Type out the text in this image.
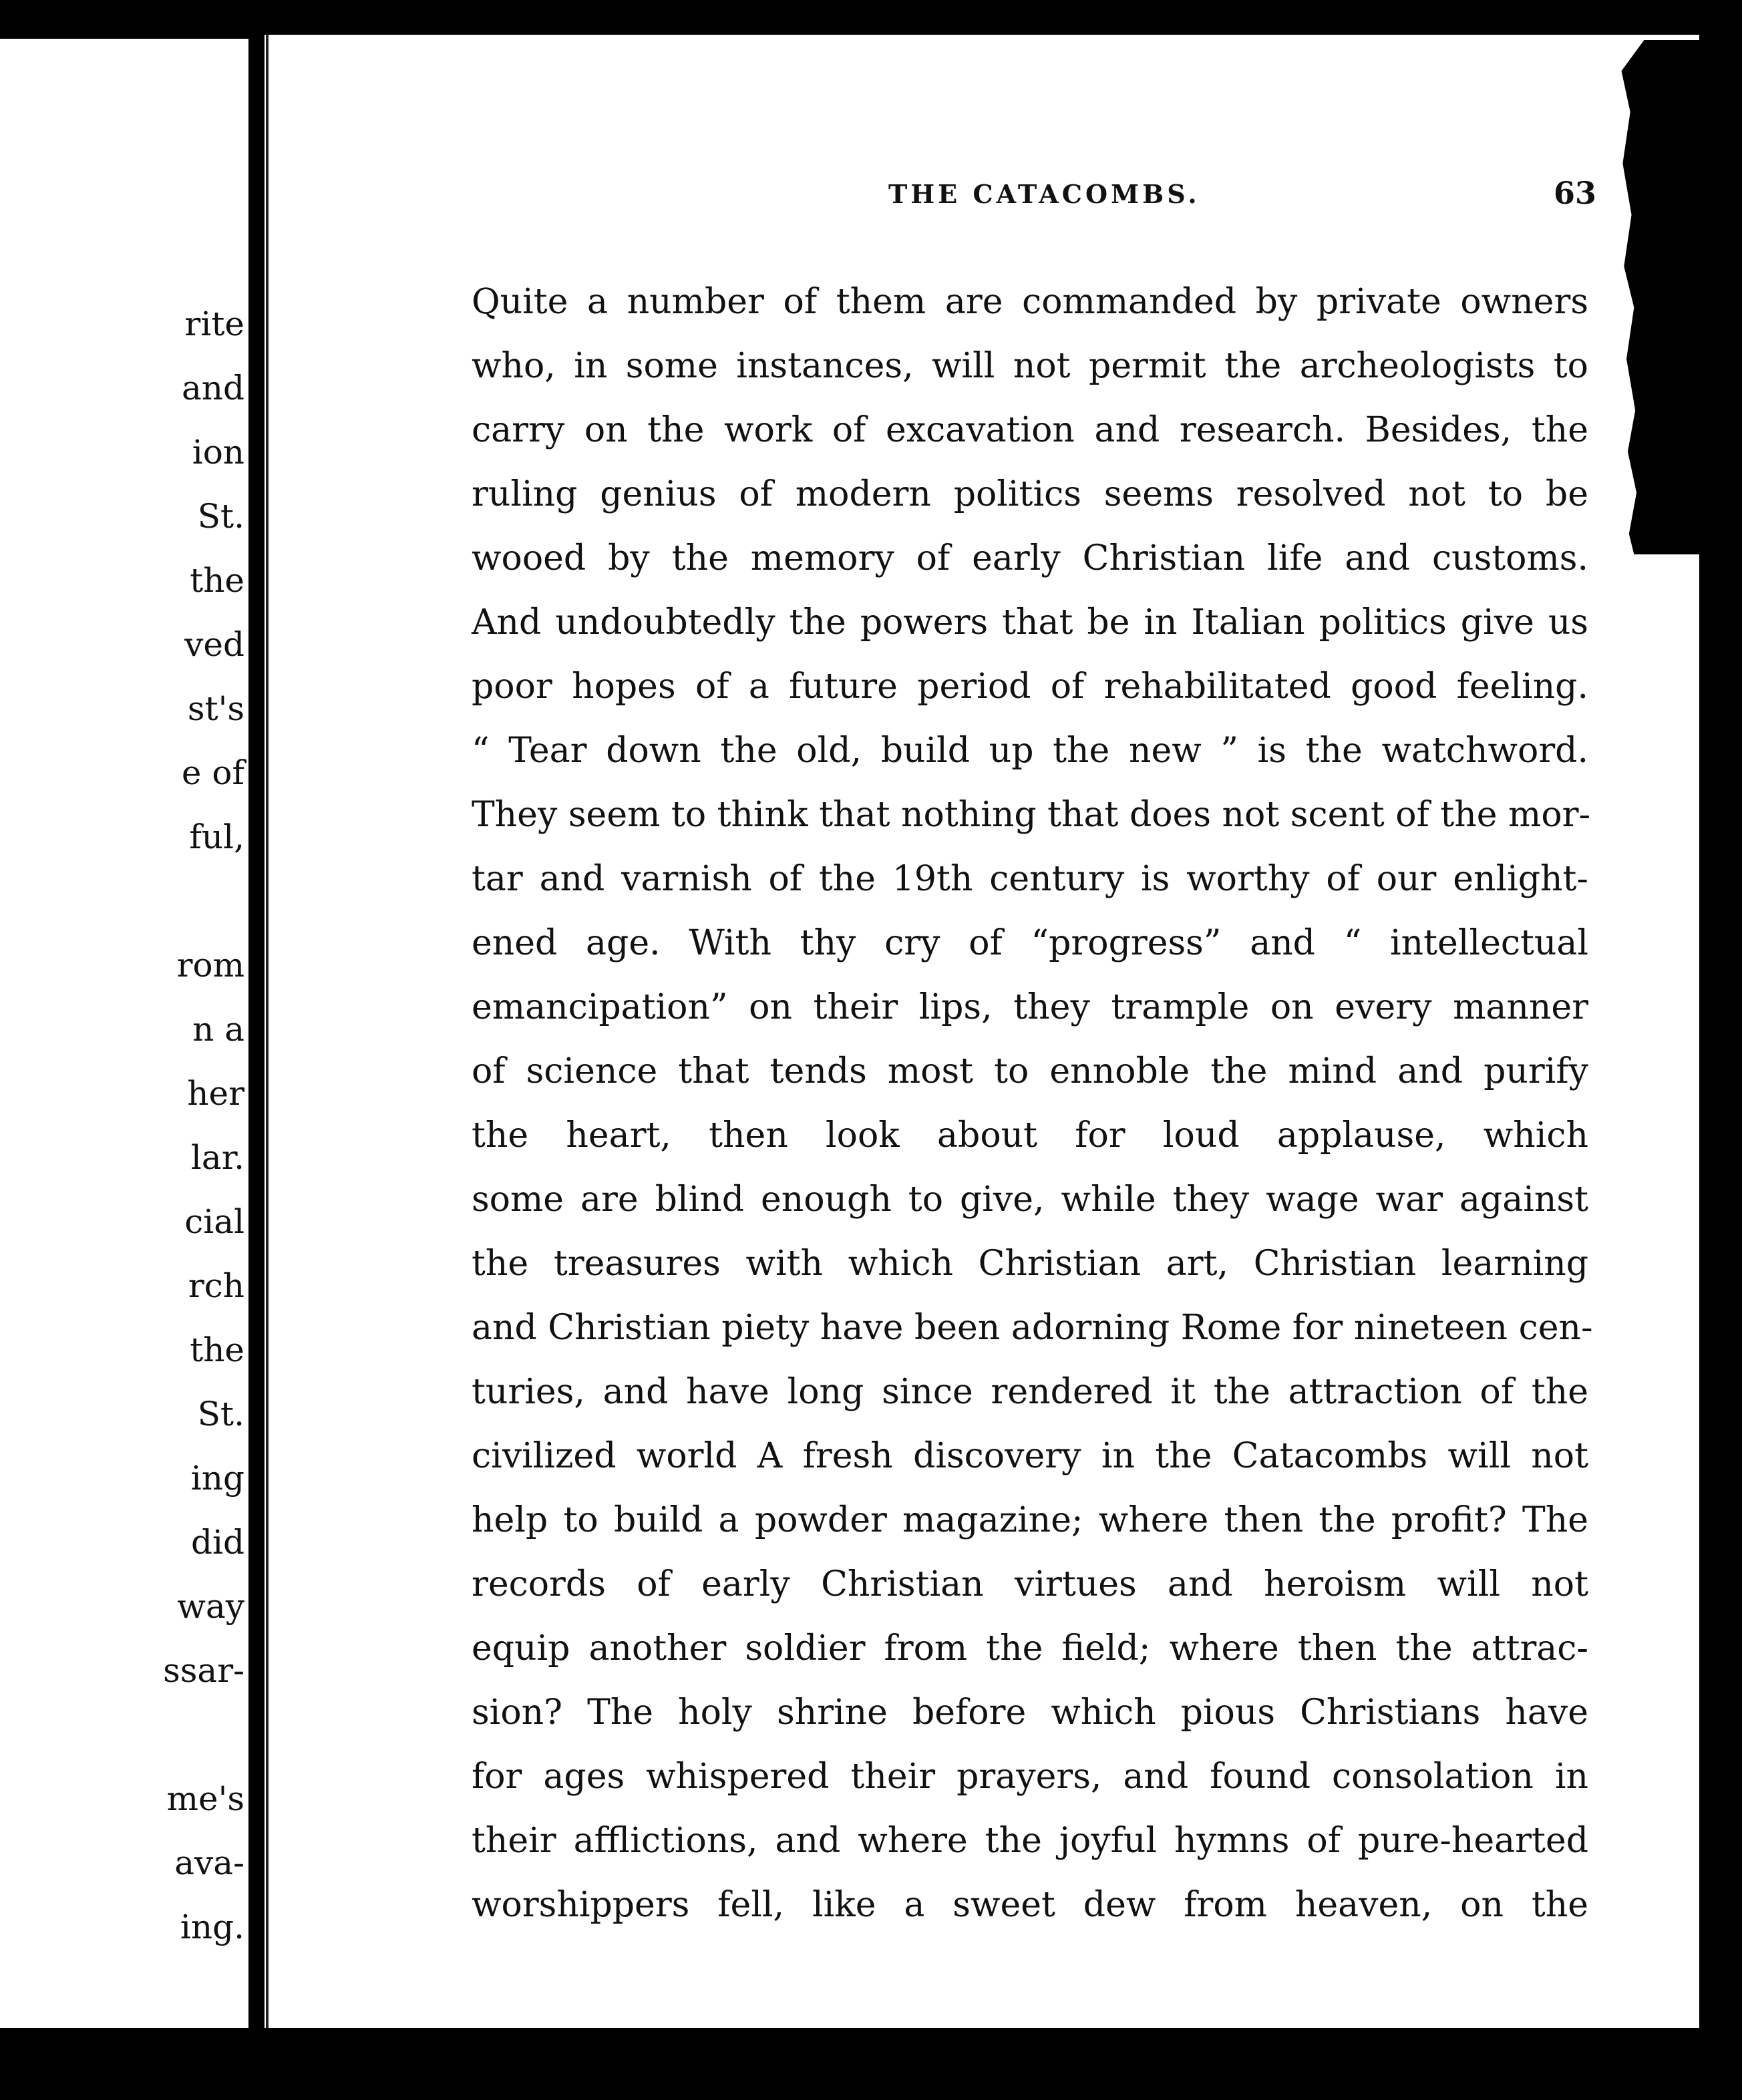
rite
and
ion
St.
the
ved
st's
e of
ful,
rom
n a
her
lar.
cial
rch
the
St.
ing
did
way
ssar-
me's
ava-
ing.
THE CATACOMBS.	63
Quite a number of them are commanded by private owners
who, in some instances, will not permit the archeologists to
carry on the work of excavation and research. Besides, the
ruling genius of modern politics seems resolved not to be
wooed by the memory of early Christian life and customs.
And undoubtedly the powers that be in Italian politics give us
poor hopes of a future period of rehabilitated good feeling.
“ Tear down the old, build up the new ” is the watchword.
They seem to think that nothing that does not scent of the mor-
tar and varnish of the 19th century is worthy of our enlight-
ened age. With thy cry of “progress” and “ intellectual
emancipation” on their lips, they trample on every manner
of science that tends most to ennoble the mind and purify
the heart, then look about for loud applause, which
some are blind enough to give, while they wage war against
the treasures with which Christian art, Christian learning
and Christian piety have been adorning Rome for nineteen cen-
turies, and have long since rendered it the attraction of the
civilized world A fresh discovery in the Catacombs will not
help to build a powder magazine; where then the profit? The
records of early Christian virtues and heroism will not
equip another soldier from the field; where then the attrac-
sion? The holy shrine before which pious Christians have
for ages whispered their prayers, and found consolation in
their afflictions, and where the joyful hymns of pure-hearted
worshippers fell, like a sweet dew from heaven, on the
